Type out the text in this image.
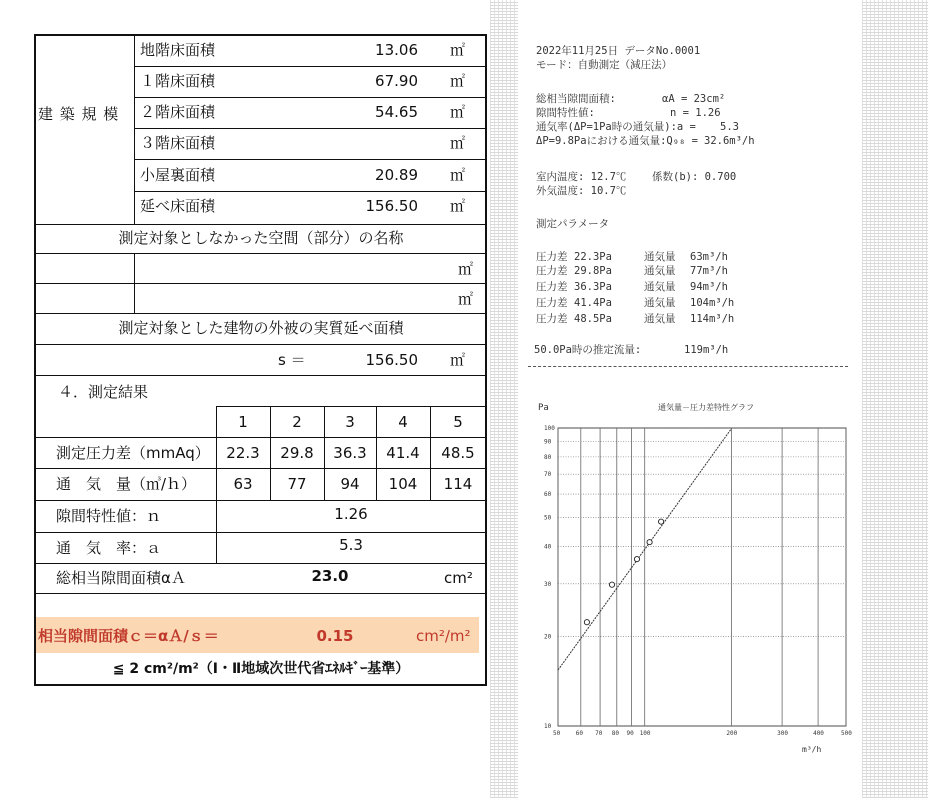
建 築 規 模
地階床面積	13.06 ㎡
１階床面積	67.90 ㎡
２階床面積	54.65 ㎡
３階床面積	㎡
小屋裏面積	20.89 ㎡
延べ床面積	156.50 ㎡
測定対象としなかった空間（部分）の名称
㎡
㎡
測定対象とした建物の外被の実質延べ面積
s ＝	156.50 ㎡
４．測定結果
1	2	3	4	5
測定圧力差（mmAq）	22.3	29.8	36.3	41.4	48.5
通　気　量（㎥/ｈ）	63	77	94	104	114
隙間特性値：ｎ	1.26
通　気　率：ａ	5.3
総相当隙間面積αＡ	23.0	cm²
相当隙間面積ｃ＝αＡ/ｓ＝	0.15	cm²/m²
≦ 2 cm²/m²（Ⅰ・Ⅱ地域次世代省ｴﾈﾙｷﾞｰ基準）
2022年11月25日 データNo.0001
モード：自動測定（減圧法）
総相当隙間面積:	αA = 23cm²
隙間特性値:	n = 1.26
通気率(ΔP=1Pa時の通気量):a = 5.3
ΔP=9.8Paにおける通気量:Q₉₈ = 32.6m³/h
室内温度: 12.7℃ 係数(b): 0.700
外気温度: 10.7℃
測定パラメータ
圧力差 22.3Pa	通気量 63m³/h
圧力差 29.8Pa	通気量 77m³/h
圧力差 36.3Pa	通気量 94m³/h
圧力差 41.4Pa	通気量 104m³/h
圧力差 48.5Pa	通気量 114m³/h
50.0Pa時の推定流量:	119m³/h
50	60 70 80 90 100	200	300	400	500
100
90
80
70
60
50
40
30
20
10
通気量－圧力差特性グラフ
Pa
m³/h
